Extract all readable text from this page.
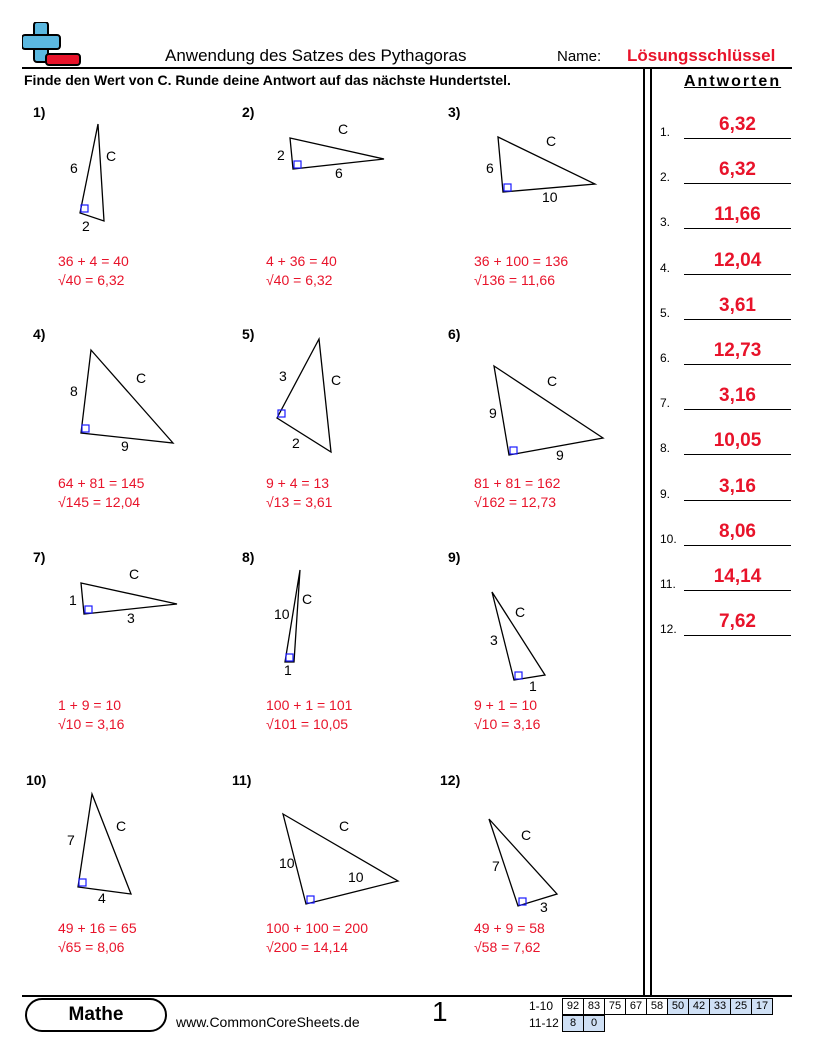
Anwendung des Satzes des Pythagoras	Name: Lösungsschlüssel
Finde den Wert von C. Runde deine Antwort auf das nächste Hundertstel.	Antworten
1.	6,32
2.	6,32
3.	11,66
4.	12,04
5.	3,61
6.	12,73
7.	3,16
8.	10,05
9.	3,16
10.	8,06
11.	14,14
12.	7,62
1)
6
2
C
36 + 4 = 40
√40 = 6,32
2)
2
6
C
4 + 36 = 40
√40 = 6,32
3)
6
10
C
36 + 100 = 136
√136 = 11,66
4)
8
9
C
64 + 81 = 145
√145 = 12,04
5)
3
2
C
9 + 4 = 13
√13 = 3,61
6)
9
9
C
81 + 81 = 162
√162 = 12,73
7)
1
3
C
1 + 9 = 10
√10 = 3,16
8)
10
1
C
100 + 1 = 101
√101 = 10,05
9)
3
1
C
9 + 1 = 10
√10 = 3,16
10)
7
4
C
49 + 16 = 65
√65 = 8,06
11)
10
10
C
100 + 100 = 200
√200 = 14,14
12)
7
3
C
49 + 9 = 58
√58 = 7,62
Mathe	www.CommonCoreSheets.de	1	1-10	92 83 75 67 58 50 42 33 25 17
11-12	8	0
